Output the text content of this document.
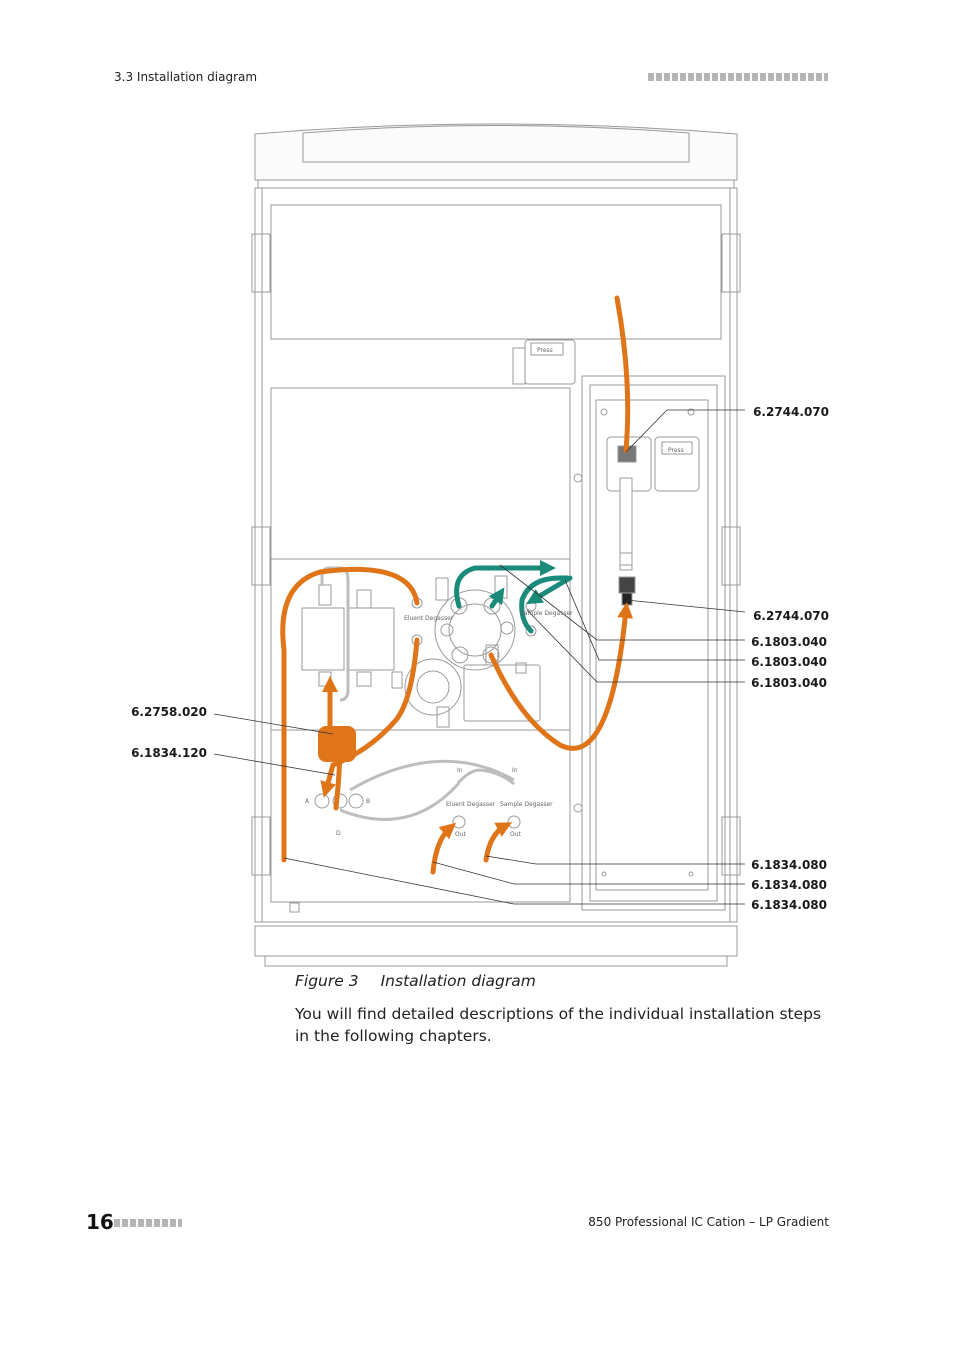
3.3 Installation diagram
6.2744.070
6.2744.070
6.1803.040
6.1803.040
6.1803.040
6.2758.020
6.1834.120
6.1834.080
6.1834.080
6.1834.080
Press
Press
Eluent Degasser
Sample Degasser
Eluent Degasser Sample Degasser
In	In
Out	Out
A	B
D
Figure 3 Installation diagram
You will find detailed descriptions of the individual installation steps in the following chapters.
16	850 Professional IC Cation – LP Gradient
